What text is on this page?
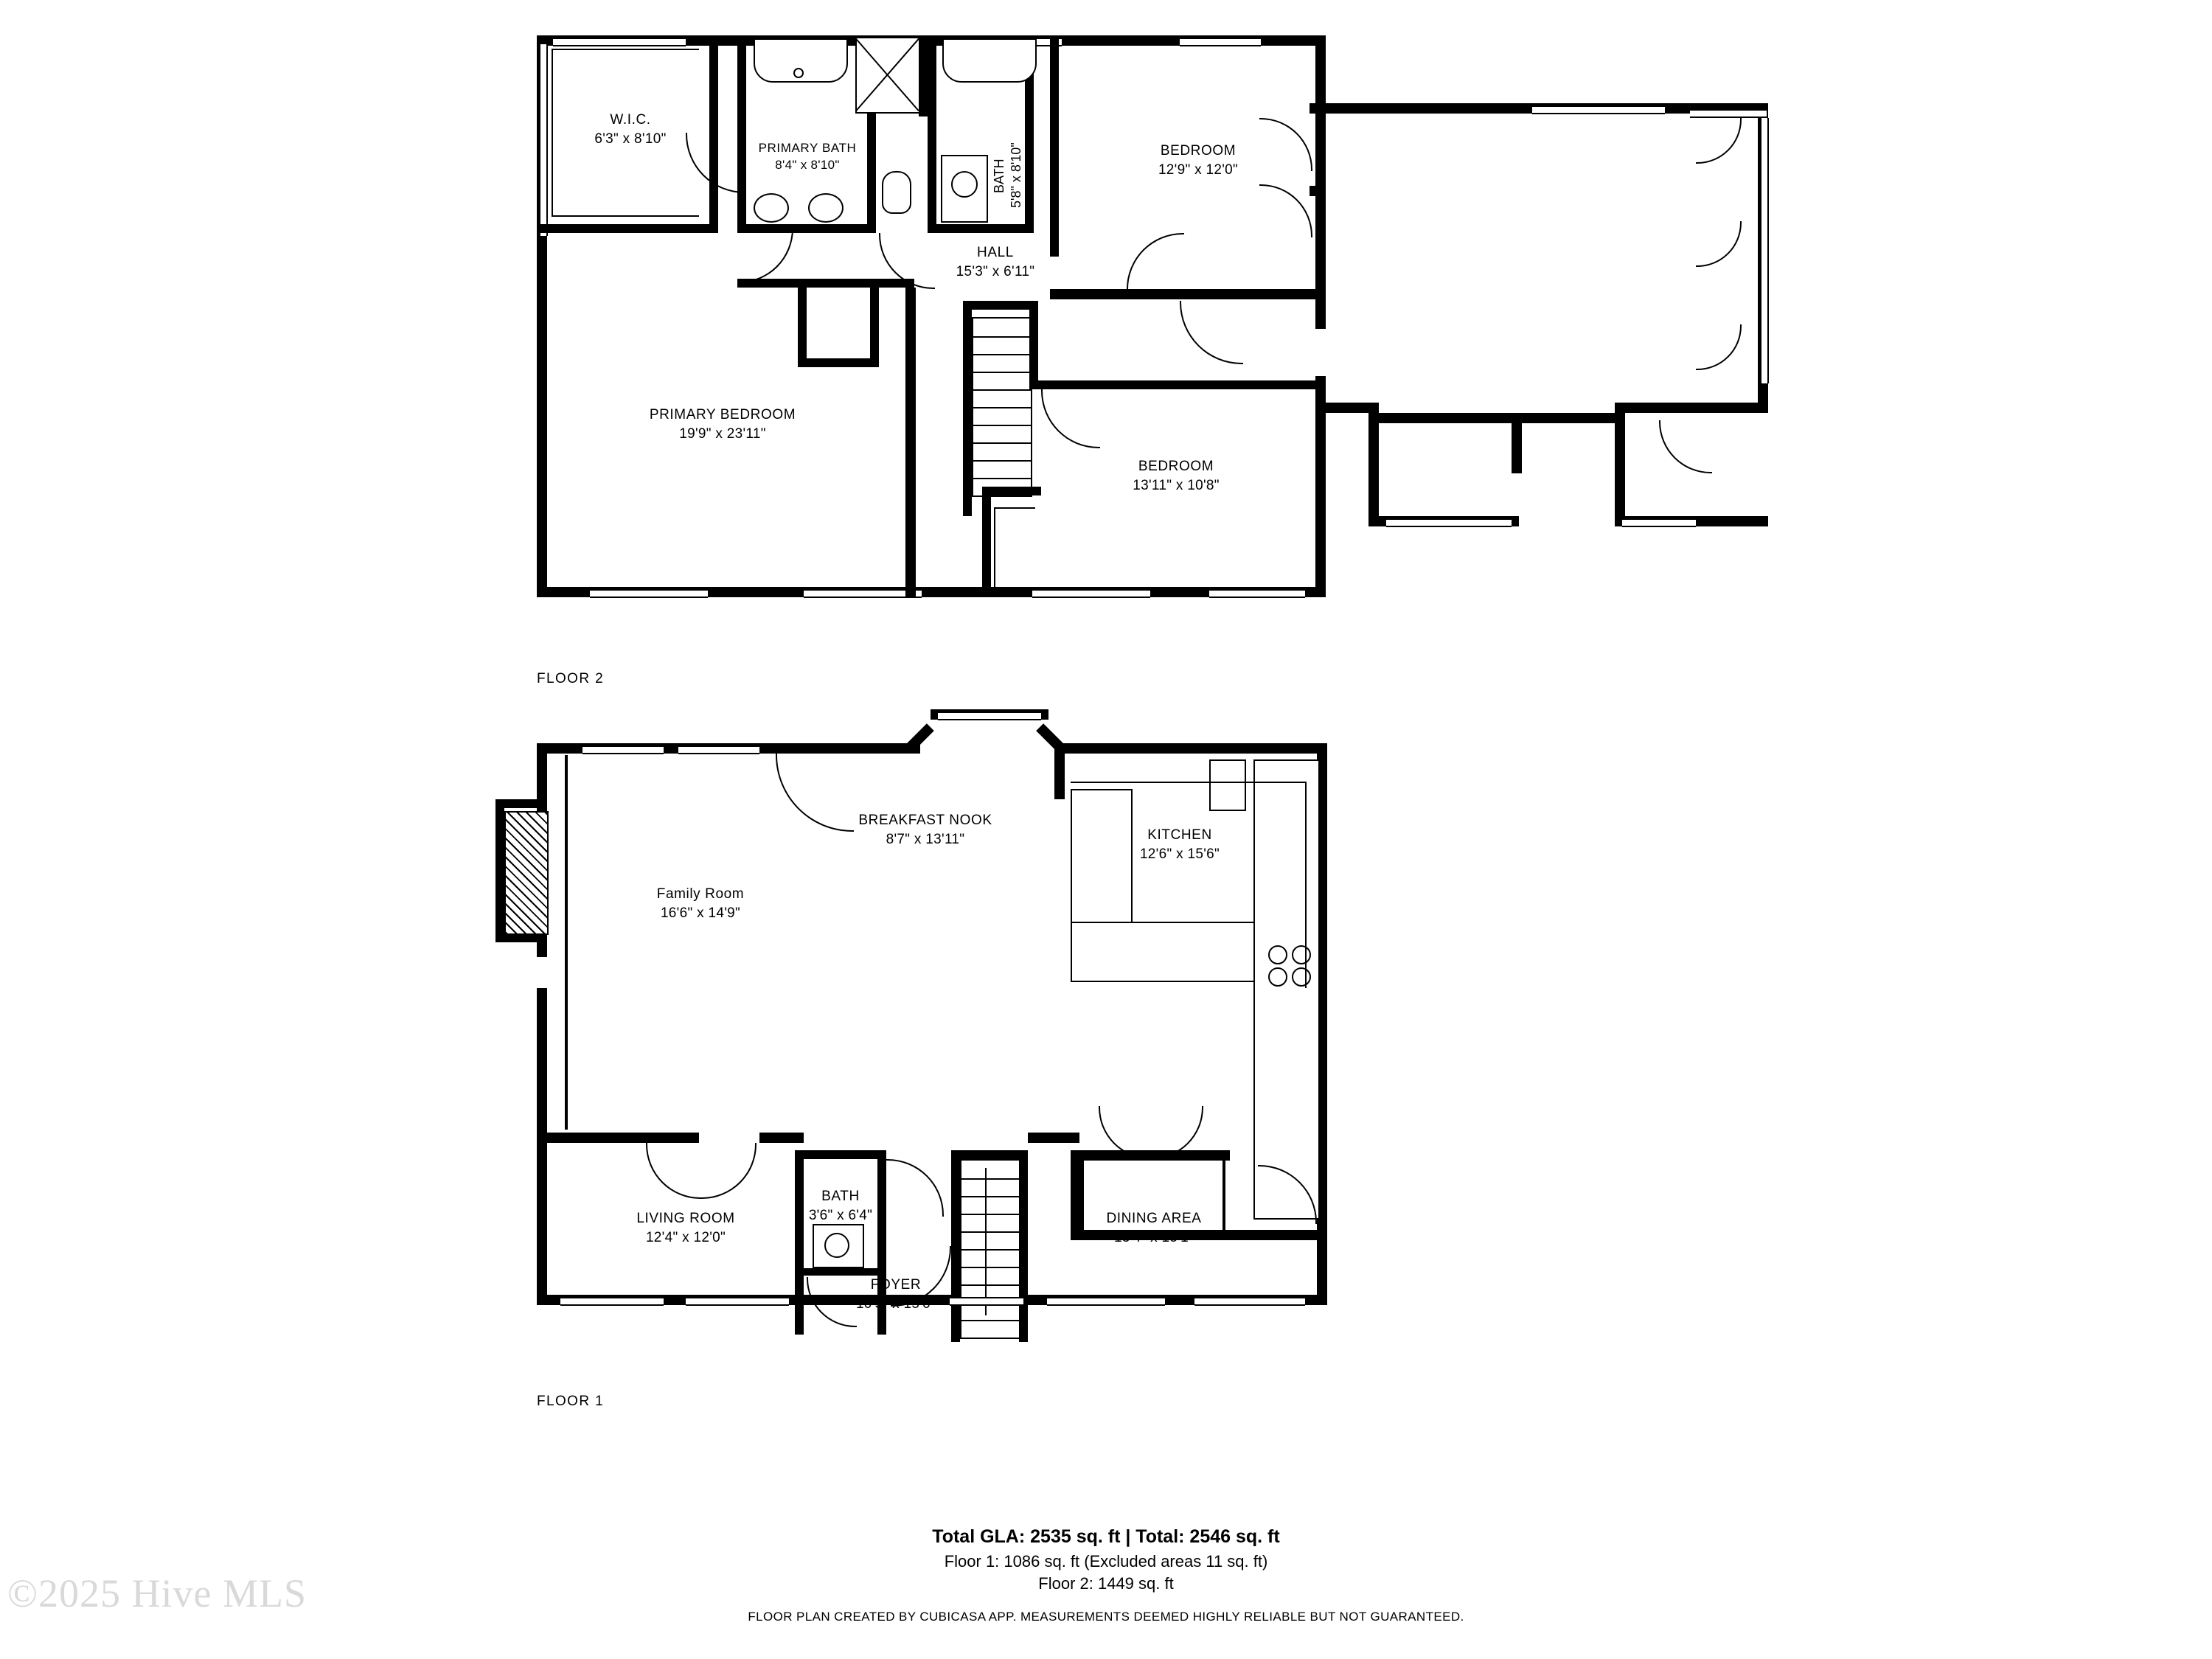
W.I.C.
6'3" x 8'10"
PRIMARY BATH
8'4" x 8'10"	BATH 5'8" x 8'10"	BEDROOM
12'9" x 12'0"
HALL
15'3" x 6'11"
PRIMARY BEDROOM
19'9" x 23'11"
BEDROOM
13'11" x 10'8"
FLOOR 2
Family Room
16'6" x 14'9"
BREAKFAST NOOK
8'7" x 13'11"	KITCHEN
12'6" x 15'6"
BATH
3'6" x 6'4"
LIVING ROOM
12'4" x 12'0"
FOYER
10'5" x 15'0"
DINING AREA
13'4" x 15'1"
FLOOR 1
Total GLA: 2535 sq. ft | Total: 2546 sq. ft
Floor 1: 1086 sq. ft (Excluded areas 11 sq. ft)
Floor 2: 1449 sq. ft
FLOOR PLAN CREATED BY CUBICASA APP. MEASUREMENTS DEEMED HIGHLY RELIABLE BUT NOT GUARANTEED.
©2025 Hive MLS
